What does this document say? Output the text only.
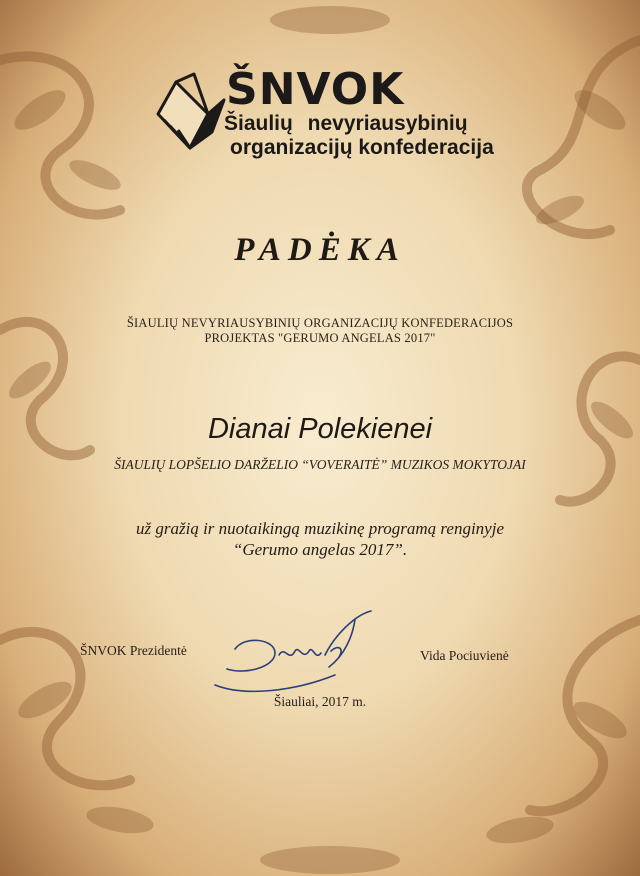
ŠNVOK
Šiaulių nevyriausybinių
organizacijų konfederacija
PADĖKA
ŠIAULIŲ NEVYRIAUSYBINIŲ ORGANIZACIJŲ KONFEDERACIJOS
PROJEKTAS "GERUMO ANGELAS 2017"
Dianai Polekienei
ŠIAULIŲ LOPŠELIO DARŽELIO “VOVERAITĖ” MUZIKOS MOKYTOJAI
už gražią ir nuotaikingą muzikinę programą renginyje
“Gerumo angelas 2017”.
ŠNVOK Prezidentė	Vida Pociuvienė
Šiauliai, 2017 m.
